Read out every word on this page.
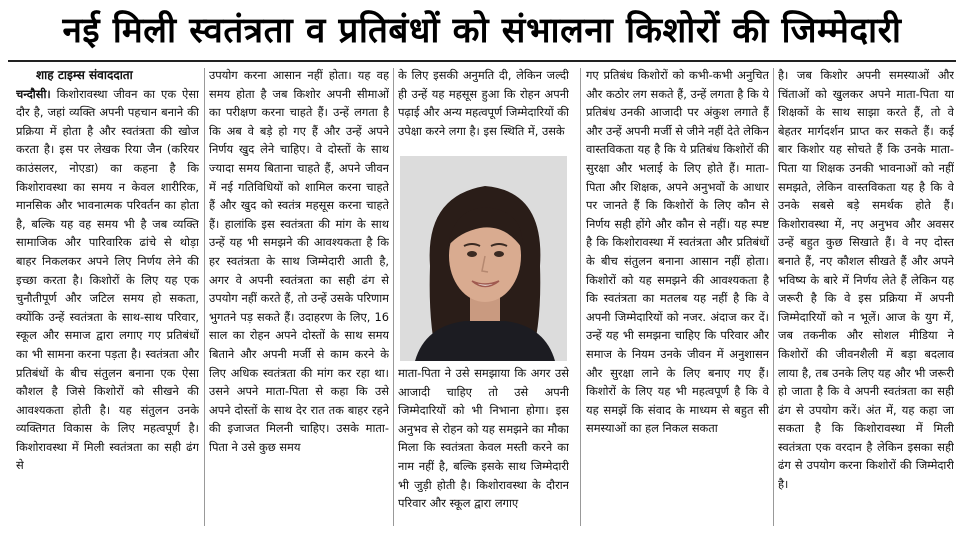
नई मिली स्वतंत्रता व प्रतिबंधों को संभालना किशोरों की जिम्मेदारी
शाह टाइम्स संवाददाता

चन्दौसी। किशोरावस्था जीवन का एक ऐसा दौर है, जहां व्यक्ति अपनी पहचान बनाने की प्रक्रिया में होता है और स्वतंत्रता की खोज करता है। इस पर लेखक रिया जैन (करियर काउंसलर, नोएडा) का कहना है कि किशोरावस्था का समय न केवल शारीरिक, मानसिक और भावनात्मक परिवर्तन का होता है, बल्कि यह वह समय भी है जब व्यक्ति सामाजिक और पारिवारिक ढांचे से थोड़ा बाहर निकलकर अपने लिए निर्णय लेने की इच्छा करता है। किशोरों के लिए यह एक चुनौतीपूर्ण और जटिल समय हो सकता, क्योंकि उन्हें स्वतंत्रता के साथ-साथ परिवार, स्कूल और समाज द्वारा लगाए गए प्रतिबंधों का भी सामना करना पड़ता है। स्वतंत्रता और प्रतिबंधों के बीच संतुलन बनाना एक ऐसा कौशल है जिसे किशोरों को सीखने की आवश्यकता होती है। यह संतुलन उनके व्यक्तिगत विकास के लिए महत्वपूर्ण है। किशोरावस्था में मिली स्वतंत्रता का सही ढंग से

उपयोग करना आसान नहीं होता। यह वह समय होता है जब किशोर अपनी सीमाओं का परीक्षण करना चाहते हैं। उन्हें लगता है कि अब वे बड़े हो गए हैं और उन्हें अपने निर्णय खुद लेने चाहिए। वे दोस्तों के साथ ज्यादा समय बिताना चाहते हैं, अपने जीवन में नई गतिविधियों को शामिल करना चाहते हैं और खुद को स्वतंत्र महसूस करना चाहते हैं। हालांकि इस स्वतंत्रता की मांग के साथ उन्हें यह भी समझने की आवश्यकता है कि हर स्वतंत्रता के साथ जिम्मेदारी आती है, अगर वे अपनी स्वतंत्रता का सही ढंग से उपयोग नहीं करते हैं, तो उन्हें उसके परिणाम भुगतने पड़ सकते हैं। उदाहरण के लिए, 16 साल का रोहन अपने दोस्तों के साथ समय बिताने और अपनी मर्जी से काम करने के लिए अधिक स्वतंत्रता की मांग कर रहा था। उसने अपने माता-पिता से कहा कि उसे अपने दोस्तों के साथ देर रात तक बाहर रहने की इजाजत मिलनी चाहिए। उसके माता-पिता ने उसे कुछ समय

के लिए इसकी अनुमति दी, लेकिन जल्दी ही उन्हें यह महसूस हुआ कि रोहन अपनी पढ़ाई और अन्य महत्वपूर्ण जिम्मेदारियों की उपेक्षा करने लगा है। इस स्थिति में, उसके

माता-पिता ने उसे समझाया कि अगर उसे आजादी चाहिए तो उसे अपनी जिम्मेदारियों को भी निभाना होगा। इस अनुभव से रोहन को यह समझने का मौका मिला कि स्वतंत्रता केवल मस्ती करने का नाम नहीं है, बल्कि इसके साथ जिम्मेदारी भी जुड़ी होती है। किशोरावस्था के दौरान परिवार और स्कूल द्वारा लगाए

गए प्रतिबंध किशोरों को कभी-कभी अनुचित और कठोर लग सकते हैं, उन्हें लगता है कि ये प्रतिबंध उनकी आजादी पर अंकुश लगाते हैं और उन्हें अपनी मर्जी से जीने नहीं देते लेकिन वास्तविकता यह है कि ये प्रतिबंध किशोरों की सुरक्षा और भलाई के लिए होते हैं। माता-पिता और शिक्षक, अपने अनुभवों के आधार पर जानते हैं कि किशोरों के लिए कौन से निर्णय सही होंगे और कौन से नहीं। यह स्पष्ट है कि किशोरावस्था में स्वतंत्रता और प्रतिबंधों के बीच संतुलन बनाना आसान नहीं होता। किशोरों को यह समझने की आवश्यकता है कि स्वतंत्रता का मतलब यह नहीं है कि वे अपनी जिम्मेदारियों को नजर. अंदाज कर दें। उन्हें यह भी समझना चाहिए कि परिवार और समाज के नियम उनके जीवन में अनुशासन और सुरक्षा लाने के लिए बनाए गए हैं। किशोरों के लिए यह भी महत्वपूर्ण है कि वे यह समझें कि संवाद के माध्यम से बहुत सी समस्याओं का हल निकल सकता

है। जब किशोर अपनी समस्याओं और चिंताओं को खुलकर अपने माता-पिता या शिक्षकों के साथ साझा करते हैं, तो वे बेहतर मार्गदर्शन प्राप्त कर सकते हैं। कई बार किशोर यह सोचते हैं कि उनके माता-पिता या शिक्षक उनकी भावनाओं को नहीं समझते, लेकिन वास्तविकता यह है कि वे उनके सबसे बड़े समर्थक होते हैं। किशोरावस्था में, नए अनुभव और अवसर उन्हें बहुत कुछ सिखाते हैं। वे नए दोस्त बनाते हैं, नए कौशल सीखते हैं और अपने भविष्य के बारे में निर्णय लेते हैं लेकिन यह जरूरी है कि वे इस प्रक्रिया में अपनी जिम्मेदारियों को न भूलें। आज के युग में, जब तकनीक और सोशल मीडिया ने किशोरों की जीवनशैली में बड़ा बदलाव लाया है, तब उनके लिए यह और भी जरूरी हो जाता है कि वे अपनी स्वतंत्रता का सही ढंग से उपयोग करें। अंत में, यह कहा जा सकता है कि किशोरावस्था में मिली स्वतंत्रता एक वरदान है लेकिन इसका सही ढंग से उपयोग करना किशोरों की जिम्मेदारी है।
